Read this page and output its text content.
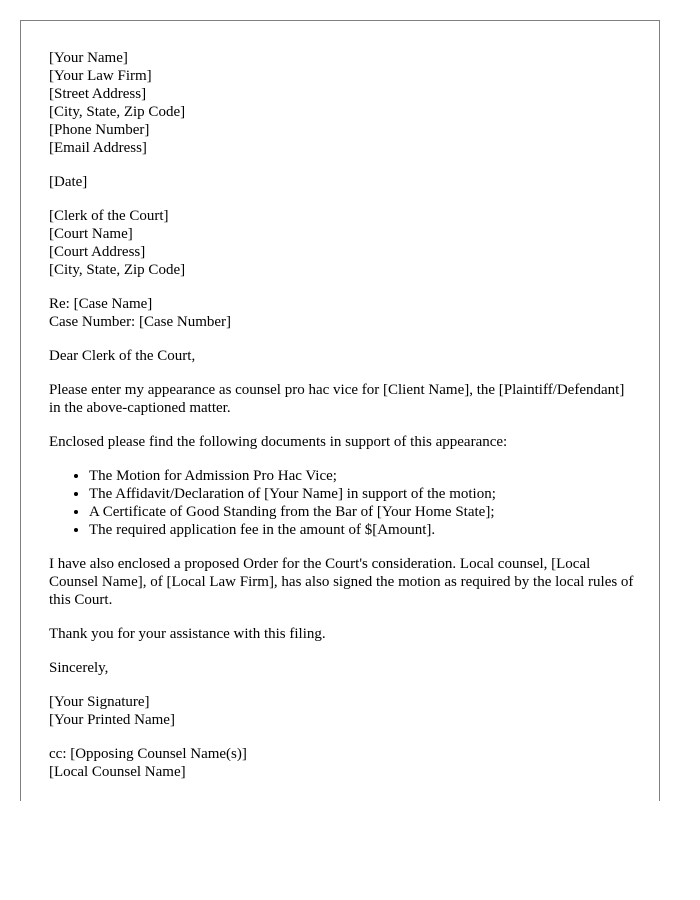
[Your Name]
[Your Law Firm]
[Street Address]
[City, State, Zip Code]
[Phone Number]
[Email Address]
[Date]
[Clerk of the Court]
[Court Name]
[Court Address]
[City, State, Zip Code]
Re: [Case Name]
Case Number: [Case Number]

Dear Clerk of the Court,

Please enter my appearance as counsel pro hac vice for [Client Name], the [Plaintiff/Defendant] in the above-captioned matter.

Enclosed please find the following documents in support of this appearance:

• The Motion for Admission Pro Hac Vice;
• The Affidavit/Declaration of [Your Name] in support of the motion;
• A Certificate of Good Standing from the Bar of [Your Home State];
• The required application fee in the amount of $[Amount].

I have also enclosed a proposed Order for the Court's consideration. Local counsel, [Local Counsel Name], of [Local Law Firm], has also signed the motion as required by the local rules of this Court.

Thank you for your assistance with this filing.

Sincerely,

[Your Signature]
[Your Printed Name]
cc: [Opposing Counsel Name(s)]
[Local Counsel Name]
